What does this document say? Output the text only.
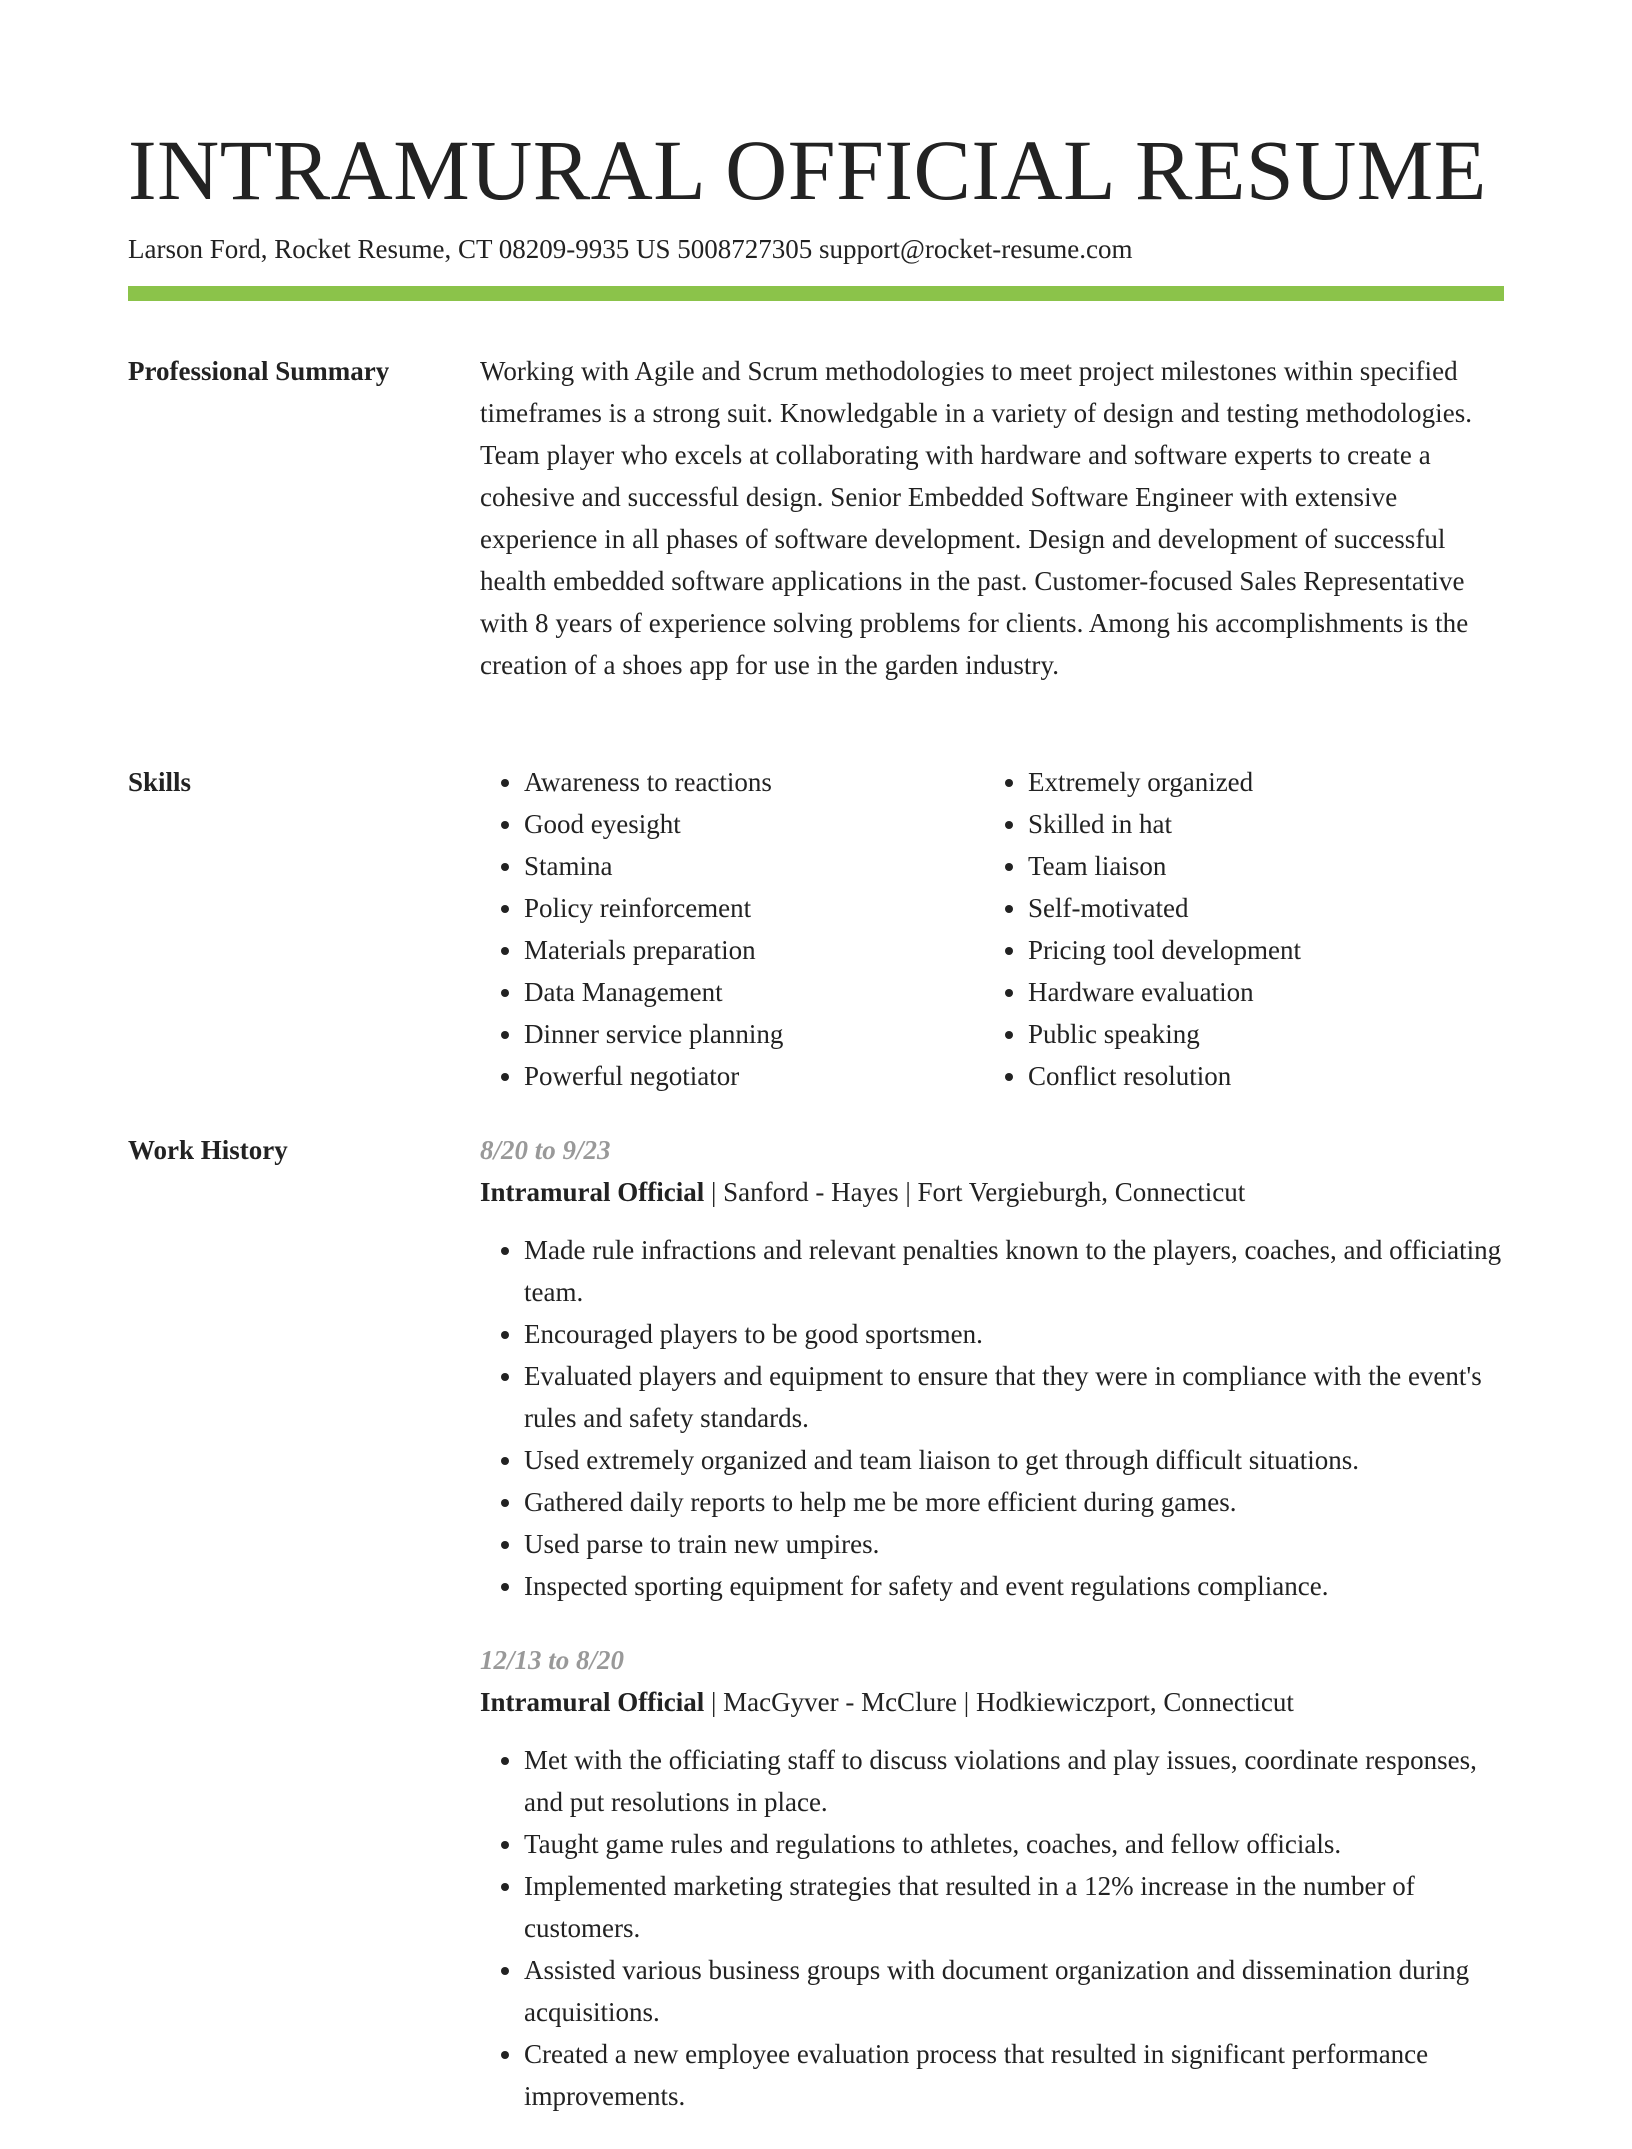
INTRAMURAL OFFICIAL RESUME
Larson Ford, Rocket Resume, CT 08209-9935 US 5008727305 support@rocket-resume.com
Professional Summary	Working with Agile and Scrum methodologies to meet project milestones within specified timeframes is a strong suit. Knowledgable in a variety of design and testing methodologies. Team player who excels at collaborating with hardware and software experts to create a cohesive and successful design. Senior Embedded Software Engineer with extensive experience in all phases of software development. Design and development of successful health embedded software applications in the past. Customer-focused Sales Representative with 8 years of experience solving problems for clients. Among his accomplishments is the creation of a shoes app for use in the garden industry.

Skills
•	Awareness to reactions
• Good eyesight
• Stamina
• Policy reinforcement
• Materials preparation
• Data Management
• Dinner service planning
• Powerful negotiator
• Extremely organized
• Skilled in hat
• Team liaison
• Self-motivated
• Pricing tool development
• Hardware evaluation
• Public speaking
• Conflict resolution
Work History	8/20 to 9/23
Intramural Official | Sanford - Hayes | Fort Vergieburgh, Connecticut
• Made rule infractions and relevant penalties known to the players, coaches, and officiating team.
• Encouraged players to be good sportsmen.
• Evaluated players and equipment to ensure that they were in compliance with the event's rules and safety standards.
• Used extremely organized and team liaison to get through difficult situations.
• Gathered daily reports to help me be more efficient during games.
• Used parse to train new umpires.
• Inspected sporting equipment for safety and event regulations compliance.
12/13 to 8/20
Intramural Official | MacGyver - McClure | Hodkiewiczport, Connecticut
• Met with the officiating staff to discuss violations and play issues, coordinate responses, and put resolutions in place.
• Taught game rules and regulations to athletes, coaches, and fellow officials.
• Implemented marketing strategies that resulted in a 12% increase in the number of customers.
• Assisted various business groups with document organization and dissemination during acquisitions.
• Created a new employee evaluation process that resulted in significant performance improvements.
